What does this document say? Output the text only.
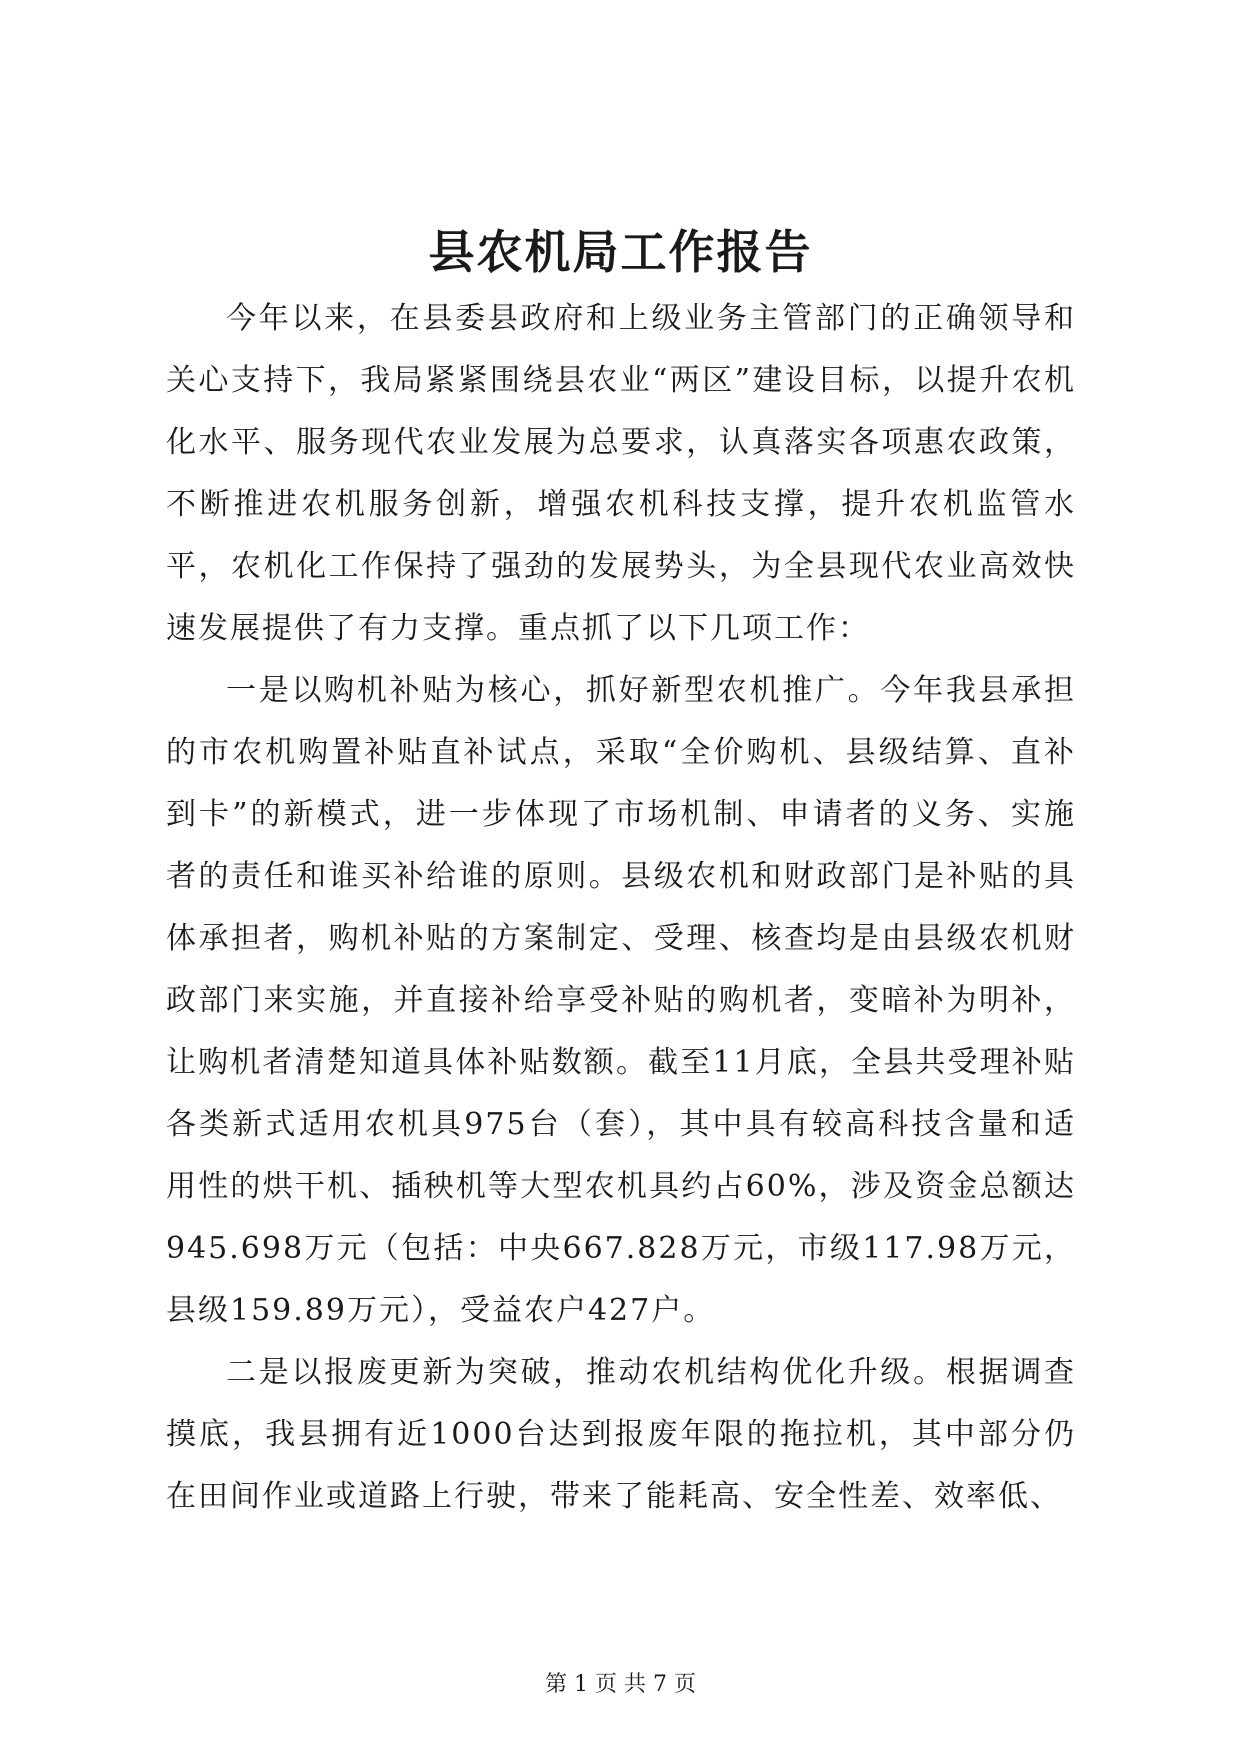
县农机局工作报告

今年以来，在县委县政府和上级业务主管部门的正确领导和关心支持下，我局紧紧围绕县农业“两区”建设目标，以提升农机化水平、服务现代农业发展为总要求，认真落实各项惠农政策，不断推进农机服务创新，增强农机科技支撑，提升农机监管水平，农机化工作保持了强劲的发展势头，为全县现代农业高效快速发展提供了有力支撑。重点抓了以下几项工作：

一是以购机补贴为核心，抓好新型农机推广。今年我县承担的市农机购置补贴直补试点，采取“全价购机、县级结算、直补到卡”的新模式，进一步体现了市场机制、申请者的义务、实施者的责任和谁买补给谁的原则。县级农机和财政部门是补贴的具体承担者，购机补贴的方案制定、受理、核查均是由县级农机财政部门来实施，并直接补给享受补贴的购机者，变暗补为明补，让购机者清楚知道具体补贴数额。截至11月底，全县共受理补贴各类新式适用农机具975台（套），其中具有较高科技含量和适用性的烘干机、插秧机等大型农机具约占60%，涉及资金总额达945.698万元（包括：中央667.828万元，市级117.98万元，县级159.89万元），受益农户427户。

二是以报废更新为突破，推动农机结构优化升级。根据调查摸底，我县拥有近1000台达到报废年限的拖拉机，其中部分仍在田间作业或道路上行驶，带来了能耗高、安全性差、效率低、

第 1 页 共 7 页
